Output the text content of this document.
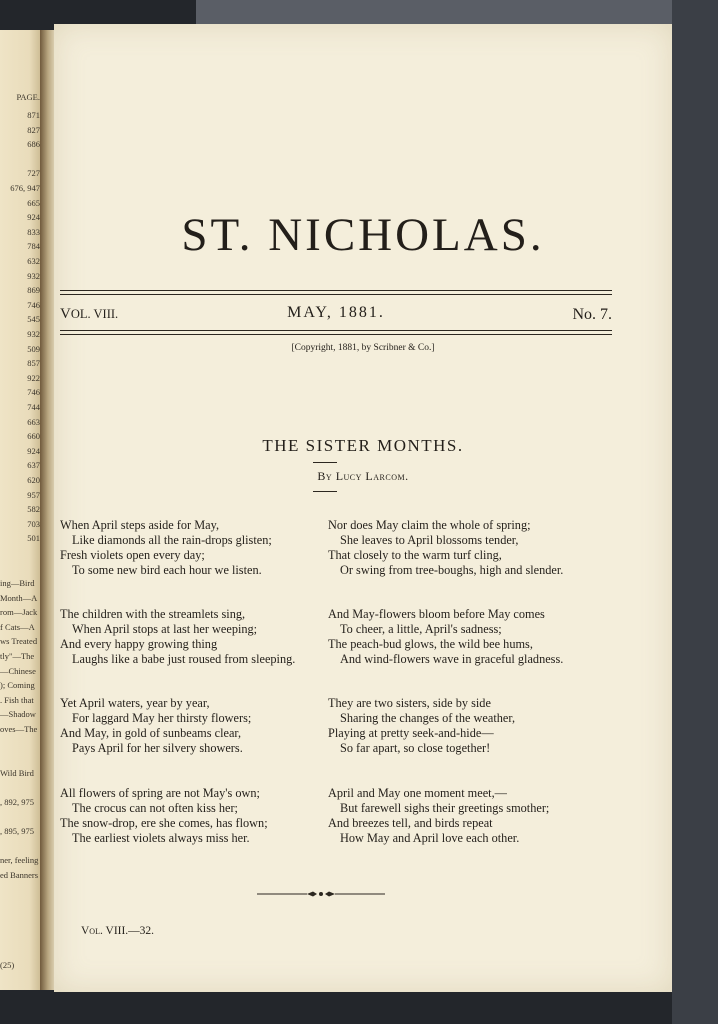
PAGE.
871
827
686
727
676, 947
665
924
833
784
632
932
869
746
545
932
509
857
922
746
744
663
660
924
637
620
957
582
703
501
ing—Bird
Month—A
rom—Jack
f Cats—A
ws Treated
tly"—The
—Chinese
); Coming
. Fish that
—Shadow
oves—The
Wild Bird
, 892, 975
, 895, 975
ner, feeling
ed Banners
(25)
ST. NICHOLAS.
VOL. VIII.	MAY, 1881.	No. 7.
[Copyright, 1881, by Scribner & Co.]
THE SISTER MONTHS.
By Lucy Larcom.
When April steps aside for May,
Like diamonds all the rain-drops glisten;
Fresh violets open every day;
To some new bird each hour we listen.
The children with the streamlets sing,
When April stops at last her weeping;
And every happy growing thing
Laughs like a babe just roused from sleeping.
Yet April waters, year by year,
For laggard May her thirsty flowers;
And May, in gold of sunbeams clear,
Pays April for her silvery showers.
All flowers of spring are not May's own;
The crocus can not often kiss her;
The snow-drop, ere she comes, has flown;
The earliest violets always miss her.
Nor does May claim the whole of spring;
She leaves to April blossoms tender,
That closely to the warm turf cling,
Or swing from tree-boughs, high and slender.
And May-flowers bloom before May comes
To cheer, a little, April's sadness;
The peach-bud glows, the wild bee hums,
And wind-flowers wave in graceful gladness.
They are two sisters, side by side
Sharing the changes of the weather,
Playing at pretty seek-and-hide—
So far apart, so close together!
April and May one moment meet,—
But farewell sighs their greetings smother;
And breezes tell, and birds repeat
How May and April love each other.
Vol. VIII.—32.
